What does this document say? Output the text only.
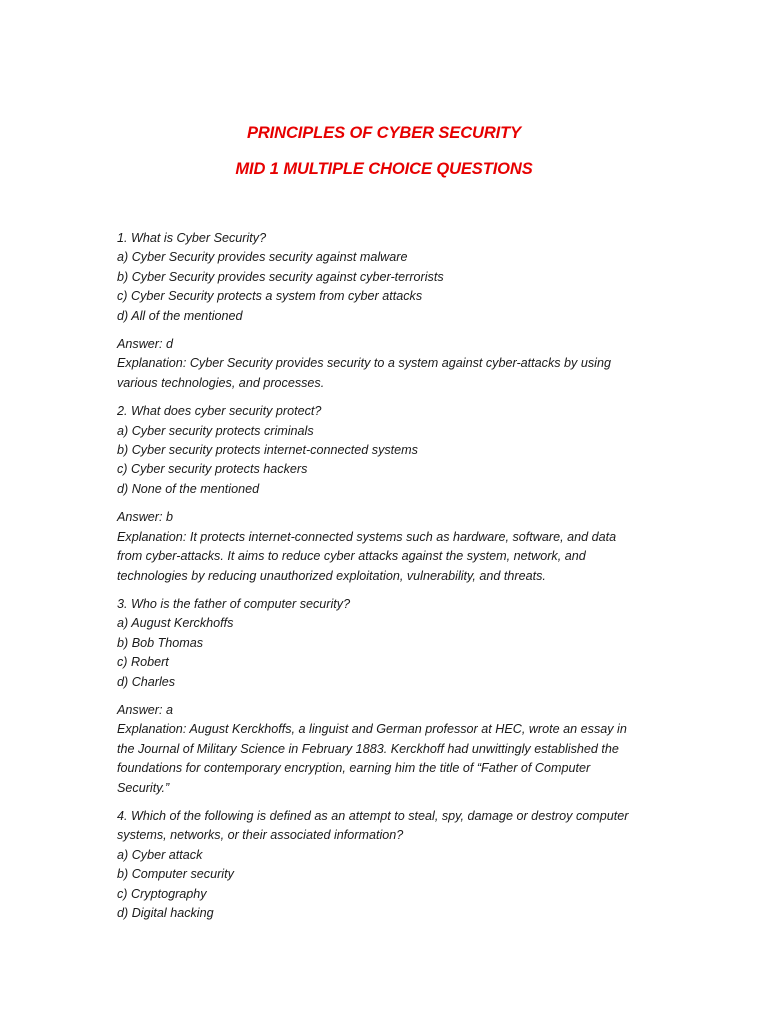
PRINCIPLES OF CYBER SECURITY
MID 1 MULTIPLE CHOICE QUESTIONS
1. What is Cyber Security?
a) Cyber Security provides security against malware
b) Cyber Security provides security against cyber-terrorists
c) Cyber Security protects a system from cyber attacks
d) All of the mentioned
Answer: d
Explanation: Cyber Security provides security to a system against cyber-attacks by using
various technologies, and processes.
2. What does cyber security protect?
a) Cyber security protects criminals
b) Cyber security protects internet-connected systems
c) Cyber security protects hackers
d) None of the mentioned
Answer: b
Explanation: It protects internet-connected systems such as hardware, software, and data
from cyber-attacks. It aims to reduce cyber attacks against the system, network, and
technologies by reducing unauthorized exploitation, vulnerability, and threats.
3. Who is the father of computer security?
a) August Kerckhoffs
b) Bob Thomas
c) Robert
d) Charles
Answer: a
Explanation: August Kerckhoffs, a linguist and German professor at HEC, wrote an essay in
the Journal of Military Science in February 1883. Kerckhoff had unwittingly established the
foundations for contemporary encryption, earning him the title of “Father of Computer
Security.”
4. Which of the following is defined as an attempt to steal, spy, damage or destroy computer
systems, networks, or their associated information?
a) Cyber attack
b) Computer security
c) Cryptography
d) Digital hacking
